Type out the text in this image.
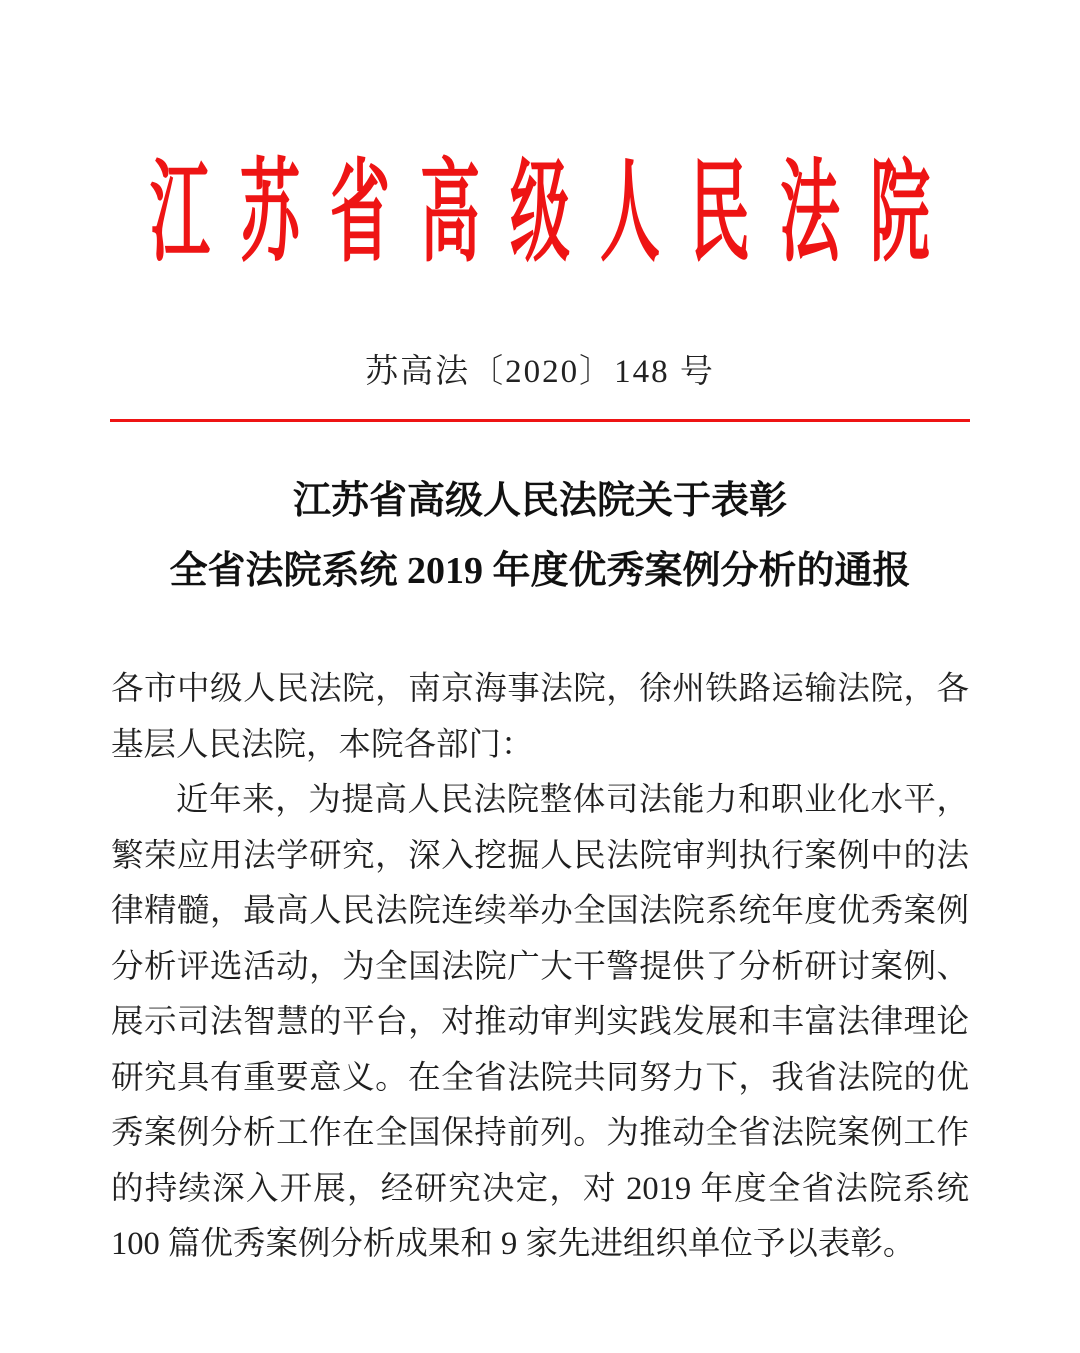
江苏省高级人民法院
苏高法〔2020〕148 号
江苏省高级人民法院关于表彰
全省法院系统 2019 年度优秀案例分析的通报

各市中级人民法院，南京海事法院，徐州铁路运输法院，各基层人民法院，本院各部门：

近年来，为提高人民法院整体司法能力和职业化水平，繁荣应用法学研究，深入挖掘人民法院审判执行案例中的法律精髓，最高人民法院连续举办全国法院系统年度优秀案例分析评选活动，为全国法院广大干警提供了分析研讨案例、展示司法智慧的平台，对推动审判实践发展和丰富法律理论研究具有重要意义。在全省法院共同努力下，我省法院的优秀案例分析工作在全国保持前列。为推动全省法院案例工作的持续深入开展，经研究决定，对 2019 年度全省法院系统 100 篇优秀案例分析成果和 9 家先进组织单位予以表彰。
